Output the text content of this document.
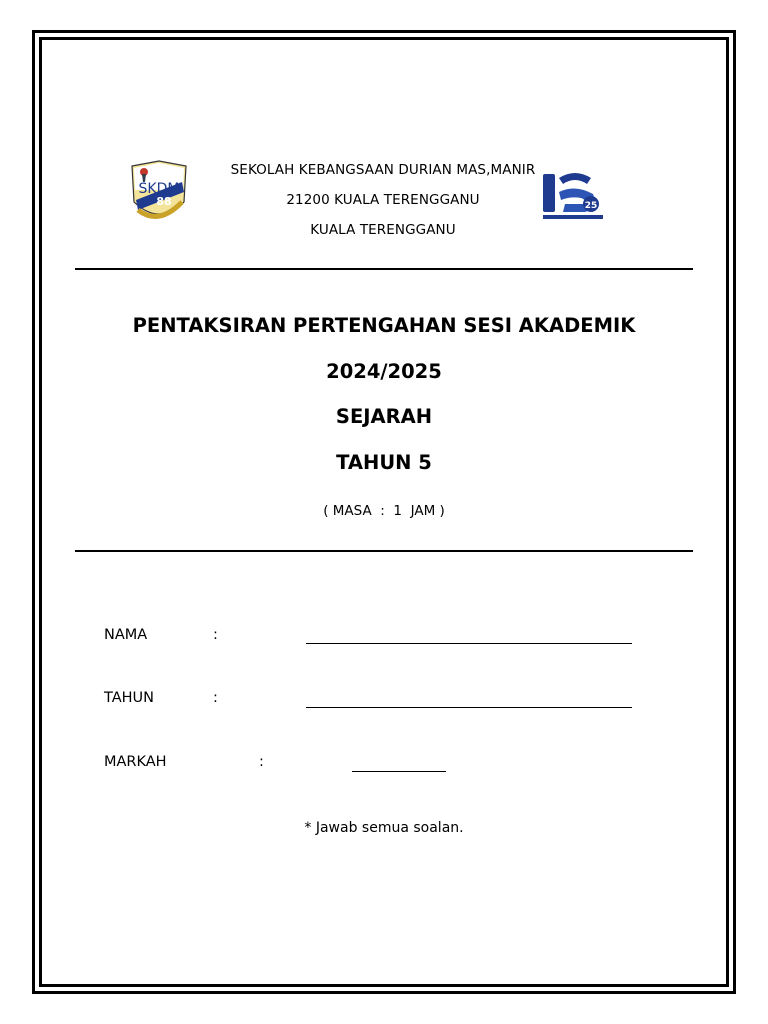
SKDM
88
SEKOLAH KEBANGSAAN DURIAN MAS,MANIR
21200 KUALA TERENGGANU
KUALA TERENGGANU
25
PENTAKSIRAN PERTENGAHAN SESI AKADEMIK
2024/2025
SEJARAH
TAHUN 5
( MASA  :  1  JAM )
NAMA	:
TAHUN	:
MARKAH	:
* Jawab semua soalan.
